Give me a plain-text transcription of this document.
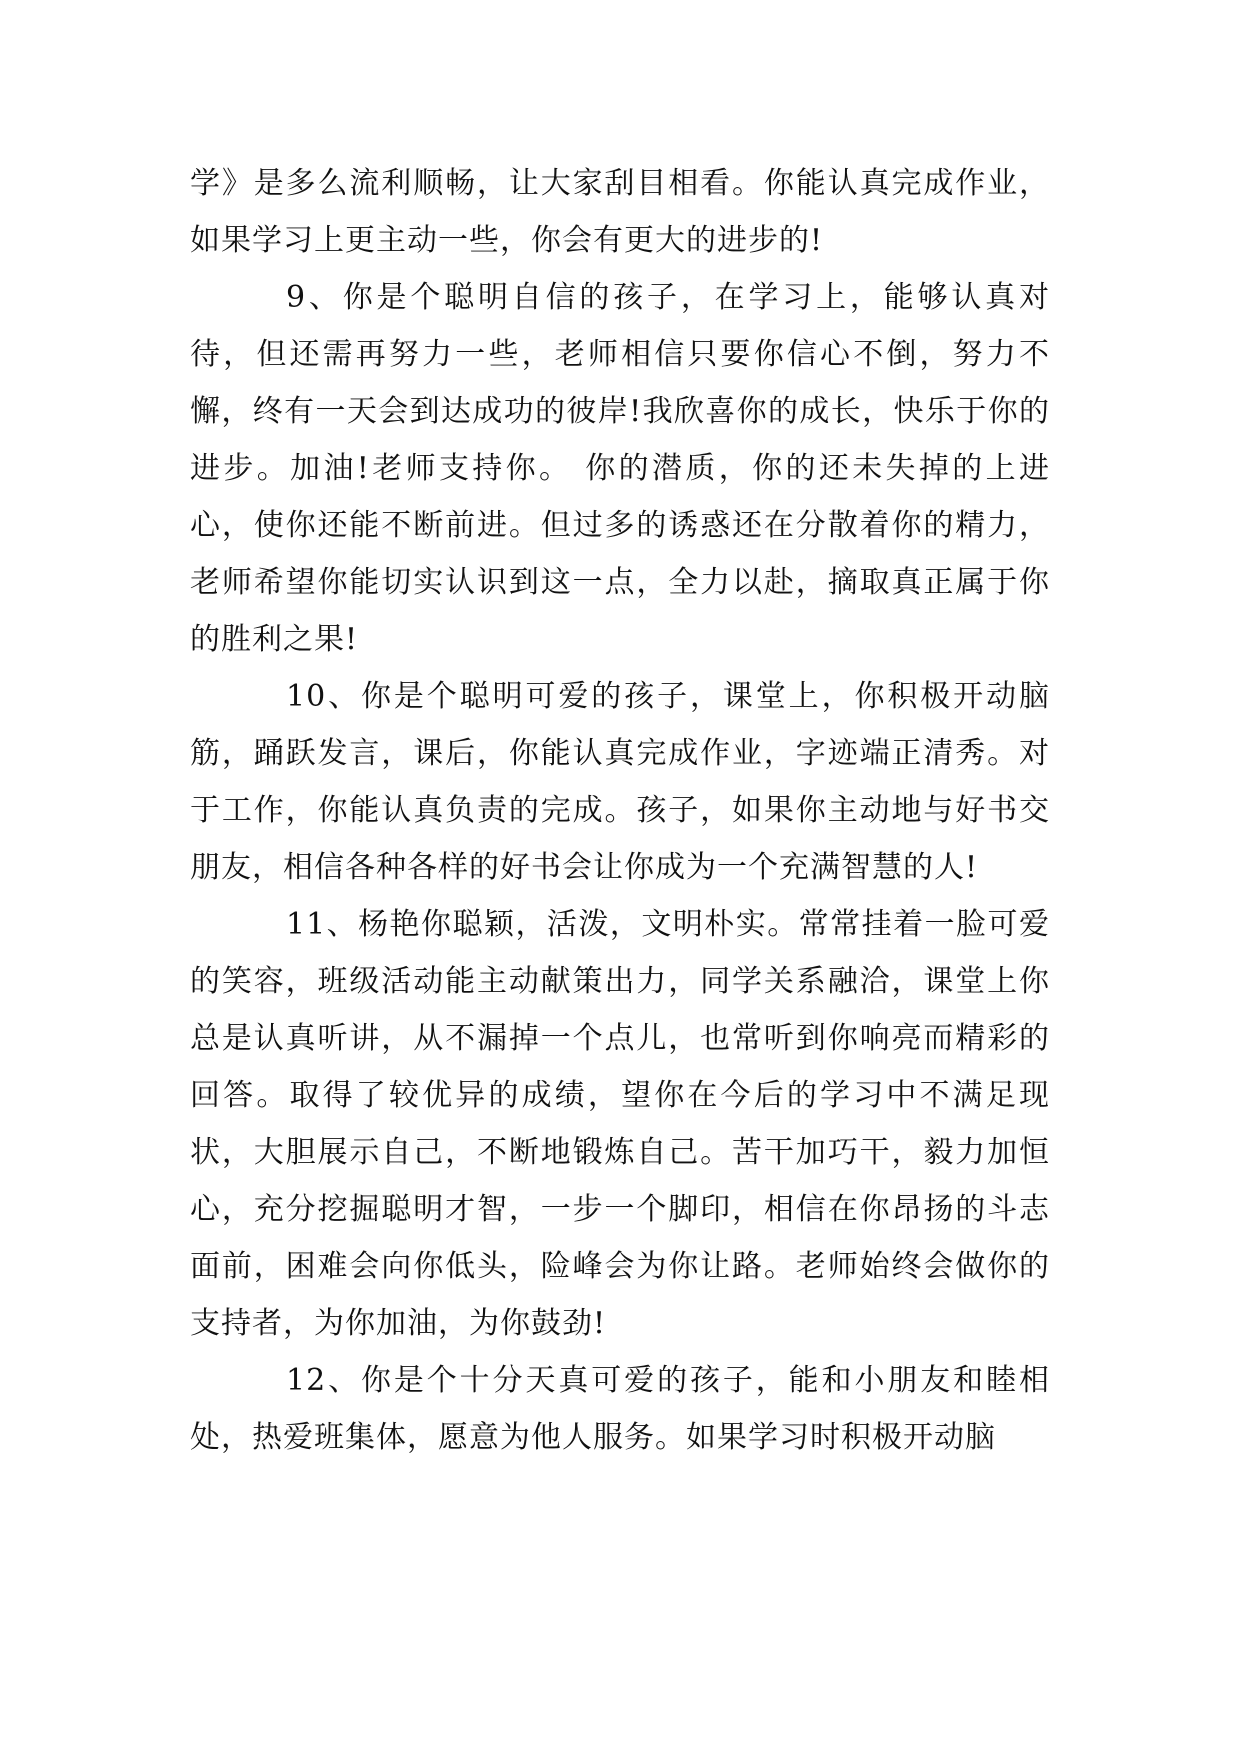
学》是多么流利顺畅，让大家刮目相看。你能认真完成作业，如果学习上更主动一些，你会有更大的进步的!

9、你是个聪明自信的孩子，在学习上，能够认真对待，但还需再努力一些，老师相信只要你信心不倒，努力不懈，终有一天会到达成功的彼岸!我欣喜你的成长，快乐于你的进步。加油!老师支持你。 你的潜质，你的还未失掉的上进心，使你还能不断前进。但过多的诱惑还在分散着你的精力，老师希望你能切实认识到这一点，全力以赴，摘取真正属于你的胜利之果!

10、你是个聪明可爱的孩子，课堂上，你积极开动脑筋，踊跃发言，课后，你能认真完成作业，字迹端正清秀。对于工作，你能认真负责的完成。孩子，如果你主动地与好书交朋友，相信各种各样的好书会让你成为一个充满智慧的人!

11、杨艳你聪颖，活泼，文明朴实。常常挂着一脸可爱的笑容，班级活动能主动献策出力，同学关系融洽，课堂上你总是认真听讲，从不漏掉一个点儿，也常听到你响亮而精彩的回答。取得了较优异的成绩，望你在今后的学习中不满足现状，大胆展示自己，不断地锻炼自己。苦干加巧干，毅力加恒心，充分挖掘聪明才智，一步一个脚印，相信在你昂扬的斗志面前，困难会向你低头，险峰会为你让路。老师始终会做你的支持者，为你加油，为你鼓劲!

12、你是个十分天真可爱的孩子，能和小朋友和睦相处，热爱班集体，愿意为他人服务。如果学习时积极开动脑
